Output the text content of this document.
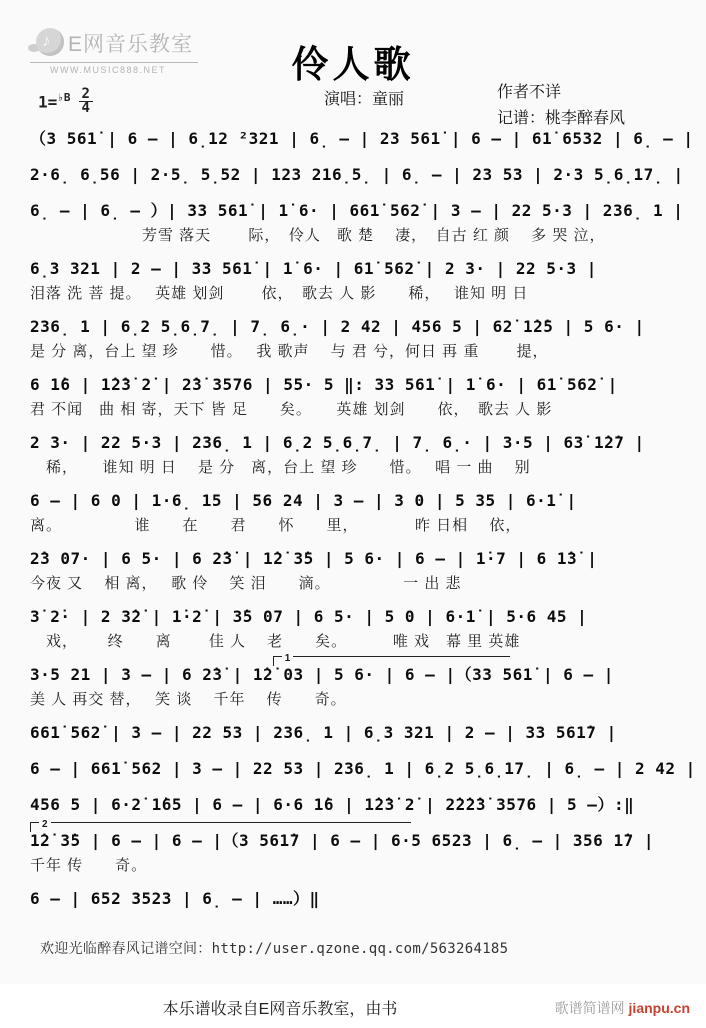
♪ E网音乐教室
WWW.MUSIC888.NET	伶人歌
演唱：童丽	作者不详
记谱：桃李醉春风
1=$^{♭B}$ 2
4
（3 561̇ | 6 – | 6̣12 ²321 | 6̣ – | 23 561̇ | 6 – | 61̇ 6532 | 6̣ – |
2·6̣ 6̣56 | 2·5̣ 5̣52 | 123 216̣5̣ | 6̣ – | 23 53 | 2·3 5̣6̣17̣ |
6̣ – | 6̣ – ）| 33 561̇ | 1̇ 6· | 661̇ 562̇ | 3 – | 22 5·3 | 236̣ 1 |
　　　　　　　芳雪 落天　　 际，　伶人　歌 楚　 凄，　自古 红 颜　 多 哭 泣，
6̣3 321 | 2 – | 33 561̇ | 1̇ 6· | 61̇ 562̇ | 2 3· | 22 5·3 |
泪落 洗 菩 提。　 英雄 划剑　　 依，　歌去 人 影　　稀，　 谁知 明 日
236̣ 1 | 6̣2 5̣6̣7̣ | 7̣ 6̣· | 2 42 | 456 5 | 62̇ 1̇2̇5 | 5 6· |
是 分 离，台上 望 珍　　惜。　 我 歌声　 与 君 兮，何日 再 重　　 提，
6 1̇6 | 1̇2̇3̇ 2̇ | 2̇3̇ 3576 | 55· 5 ‖: 33 561̇ | 1̇ 6· | 61̇ 562̇ |
君 不闻　曲 相 寄，天下 皆 足　　矣。　　英雄 划剑　　依，　歌去 人 影
2 3· | 22 5·3 | 236̣ 1 | 6̣2 5̣6̣7̣ | 7̣ 6̣· | 3·5 | 63̇ 1̇2̇7 |
　稀，　　谁知 明 日　 是 分　离，台上 望 珍　　惜。　 唱 一 曲　 别
6 – | 6 0 | 1·6̣ 15 | 56 24 | 3 – | 3 0 | 5 35 | 6·1̇ |
离。　　　　　谁　　在　　君　　怀　　里，　　　　昨 日相　 依，
2̇3 07· | 6 5· | 6 2̇3̇ | 1̇2̇ 3̇5 | 5 6· | 6 – | 1̇·7 | 6 1̇3̇ |
今夜 又　 相 离，　 歌 伶　 笑 泪　　滴。　　　　　一 出 悲
3̇ 2̇· | 2 3̇2̇ | 1̇·2̇ | 3̇5 07 | 6 5· | 5 0 | 6·1̇ | 5·6 45 |
　戏，　　 终　　离　　 佳 人　 老　　矣。　　　 唯 戏　幕 里 英雄
3·5 21 | 3 – | 6 2̇3̇ | 1̇2̇ 03 | 5 6· | 6 – |（33 561̇ | 6 – |
美 人 再交 替，　 笑 谈　 千年　 传　　奇。
$^1$
661̇ 562̇ | 3 – | 22 53 | 236̣ 1 | 6̣3 321 | 2 – | 33 561̇7 |
6 – | 661̇ 562 | 3 – | 22 53 | 236̣ 1 | 6̣2 5̣6̣17̣ | 6̣ – | 2 42 |
456 5 | 6·2̇ 1̇65 | 6 – | 6·6 1̇6 | 1̇2̇3̇ 2̇ | 2̇2̇2̇3̇ 3576 | 5 –）:‖
1̇2̇ 3̇5 | 6 – | 6 – |（3 561̇7 | 6 – | 6·5 6523 | 6̣ – | 356 1̇7 |
千年 传　　奇。
$^2$
6 – | 652 3523 | 6̣ – | ……）‖
欢迎光临醉春风记谱空间：http://user.qzone.qq.com/563264185
本乐谱收录自E网音乐教室，由书	歌谱简谱网 jianpu.cn
